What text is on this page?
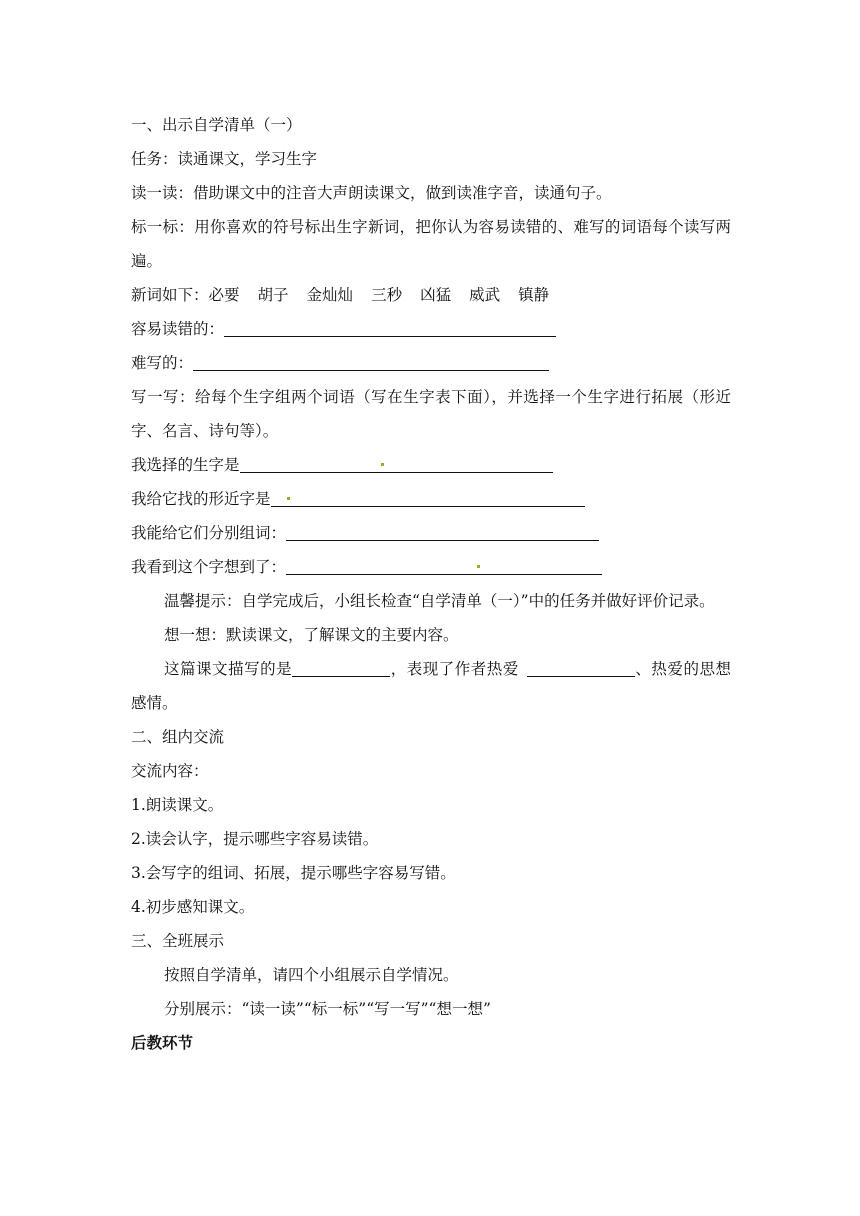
一、出示自学清单（一）
任务：读通课文，学习生字
读一读：借助课文中的注音大声朗读课文，做到读准字音，读通句子。
标一标：用你喜欢的符号标出生字新词，把你认为容易读错的、难写的词语每个读写两遍。
新词如下：必要 胡子 金灿灿 三秒 凶猛 威武 镇静
容易读错的：
难写的：
写一写：给每个生字组两个词语（写在生字表下面），并选择一个生字进行拓展（形近字、名言、诗句等）。
我选择的生字是
我给它找的形近字是
我能给它们分别组词：
我看到这个字想到了：
温馨提示：自学完成后，小组长检查“自学清单（一）”中的任务并做好评价记录。
想一想：默读课文，了解课文的主要内容。
这篇课文描写的是	，表现了作者热爱	、热爱的思想感情。
二、组内交流
交流内容：
1.朗读课文。
2.读会认字，提示哪些字容易读错。
3.会写字的组词、拓展，提示哪些字容易写错。
4.初步感知课文。
三、全班展示
按照自学清单，请四个小组展示自学情况。
分别展示：“读一读”“标一标”“写一写”“想一想”
后教环节
